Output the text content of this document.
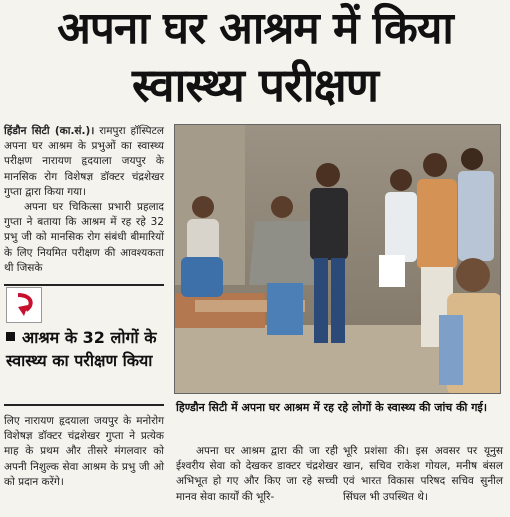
अपना घर आश्रम में किया
स्वास्थ्य परीक्षण

हिंडौन सिटी (का.सं.)। रामपुरा हॉस्पिटल अपना घर आश्रम के प्रभुओं का स्वास्थ्य परीक्षण नारायण हृदयाला जयपुर के मानसिक रोग विशेषज्ञ डॉक्टर चंद्रशेखर गुप्ता द्वारा किया गया।

अपना घर चिकित्सा प्रभारी प्रहलाद गुप्ता ने बताया कि आश्रम में रह रहे 32 प्रभु जी को मानसिक रोग संबंधी बीमारियों के लिए नियमित परीक्षण की आवश्यकता थी जिसके

आश्रम के 32 लोगों के स्वास्थ्य का परीक्षण किया
लिए नारायण हृदयाला जयपुर के मनोरोग विशेषज्ञ डॉक्टर चंद्रशेखर गुप्ता ने प्रत्येक माह के प्रथम और तीसरे मंगलवार को अपनी निशुल्क सेवा आश्रम के प्रभु जी ओ को प्रदान करेंगे।
हिण्डौन सिटी में अपना घर आश्रम में रह रहे लोगों के स्वास्थ्य की जांच की गई।

अपना घर आश्रम द्वारा की जा रही ईश्वरीय सेवा को देखकर डाक्टर चंद्रशेखर अभिभूत हो गए और किए जा रहे सच्ची मानव सेवा कार्यों की भूरि-

भूरि प्रशंसा की। इस अवसर पर यूनुस खान, सचिव राकेश गोयल, मनीष बंसल एवं भारत विकास परिषद सचिव सुनील सिंघल भी उपस्थित थे।
